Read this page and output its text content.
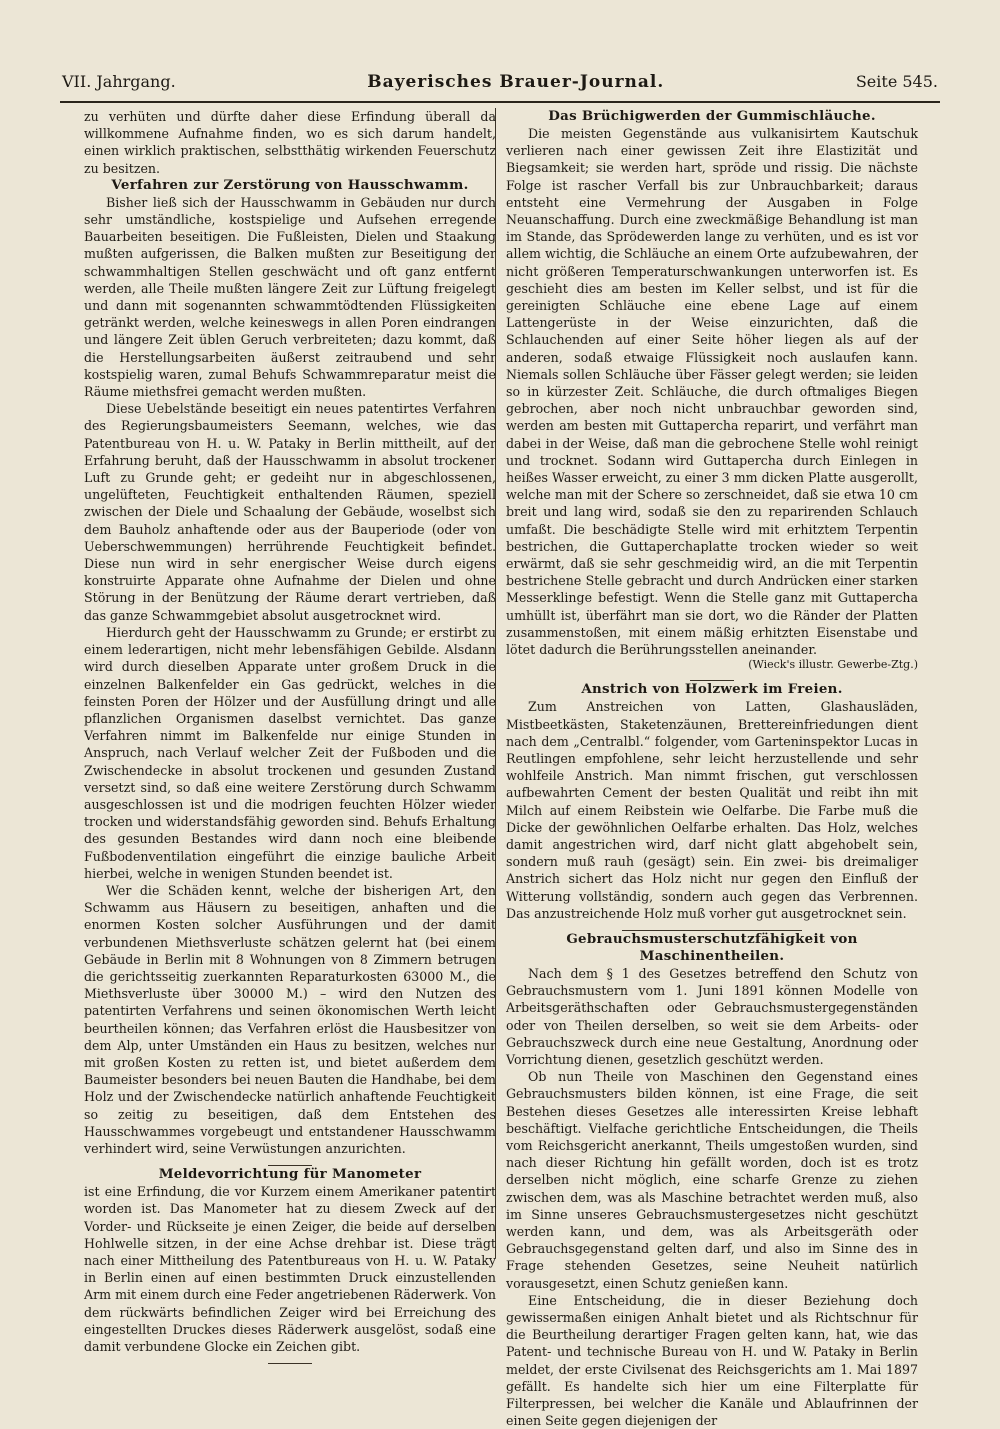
VII. Jahrgang.	Bayerisches Brauer-Journal.	Seite 545.

zu verhüten und dürfte daher diese Erfindung überall da willkommene Aufnahme finden, wo es sich darum handelt, einen wirklich praktischen, selbstthätig wirkenden Feuerschutz zu besitzen.

Verfahren zur Zerstörung von Hausschwamm.

Bisher ließ sich der Hausschwamm in Gebäuden nur durch sehr umständliche, kostspielige und Aufsehen erregende Bauarbeiten beseitigen. Die Fußleisten, Dielen und Staakung mußten aufgerissen, die Balken mußten zur Beseitigung der schwammhaltigen Stellen geschwächt und oft ganz entfernt werden, alle Theile mußten längere Zeit zur Lüftung freigelegt und dann mit sogenannten schwammtödtenden Flüssigkeiten getränkt werden, welche keineswegs in allen Poren eindrangen und längere Zeit üblen Geruch verbreiteten; dazu kommt, daß die Herstellungsarbeiten äußerst zeitraubend und sehr kostspielig waren, zumal Behufs Schwammreparatur meist die Räume miethsfrei gemacht werden mußten.

Diese Uebelstände beseitigt ein neues patentirtes Verfahren des Regierungsbaumeisters Seemann, welches, wie das Patentbureau von H. u. W. Pataky in Berlin mittheilt, auf der Erfahrung beruht, daß der Hausschwamm in absolut trockener Luft zu Grunde geht; er gedeiht nur in abgeschlossenen, ungelüfteten, Feuchtigkeit enthaltenden Räumen, speziell zwischen der Diele und Schaalung der Gebäude, woselbst sich dem Bauholz anhaftende oder aus der Bauperiode (oder von Ueberschwemmungen) herrührende Feuchtigkeit befindet. Diese nun wird in sehr energischer Weise durch eigens konstruirte Apparate ohne Aufnahme der Dielen und ohne Störung in der Benützung der Räume derart vertrieben, daß das ganze Schwammgebiet absolut ausgetrocknet wird.

Hierdurch geht der Hausschwamm zu Grunde; er erstirbt zu einem lederartigen, nicht mehr lebensfähigen Gebilde. Alsdann wird durch dieselben Apparate unter großem Druck in die einzelnen Balkenfelder ein Gas gedrückt, welches in die feinsten Poren der Hölzer und der Ausfüllung dringt und alle pflanzlichen Organismen daselbst vernichtet. Das ganze Verfahren nimmt im Balkenfelde nur einige Stunden in Anspruch, nach Verlauf welcher Zeit der Fußboden und die Zwischendecke in absolut trockenen und gesunden Zustand versetzt sind, so daß eine weitere Zerstörung durch Schwamm ausgeschlossen ist und die modrigen feuchten Hölzer wieder trocken und widerstandsfähig geworden sind. Behufs Erhaltung des gesunden Bestandes wird dann noch eine bleibende Fußbodenventilation eingeführt die einzige bauliche Arbeit hierbei, welche in wenigen Stunden beendet ist.

Wer die Schäden kennt, welche der bisherigen Art, den Schwamm aus Häusern zu beseitigen, anhaften und die enormen Kosten solcher Ausführungen und der damit verbundenen Miethsverluste schätzen gelernt hat (bei einem Gebäude in Berlin mit 8 Wohnungen von 8 Zimmern betrugen die gerichtsseitig zuerkannten Reparaturkosten 63000 M., die Miethsverluste über 30000 M.) – wird den Nutzen des patentirten Verfahrens und seinen ökonomischen Werth leicht beurtheilen können; das Verfahren erlöst die Hausbesitzer von dem Alp, unter Umständen ein Haus zu besitzen, welches nur mit großen Kosten zu retten ist, und bietet außerdem dem Baumeister besonders bei neuen Bauten die Handhabe, bei dem Holz und der Zwischendecke natürlich anhaftende Feuchtigkeit so zeitig zu beseitigen, daß dem Entstehen des Hausschwammes vorgebeugt und entstandener Hausschwamm verhindert wird, seine Verwüstungen anzurichten.

Meldevorrichtung für Manometer

ist eine Erfindung, die vor Kurzem einem Amerikaner patentirt worden ist. Das Manometer hat zu diesem Zweck auf der Vorder- und Rückseite je einen Zeiger, die beide auf derselben Hohlwelle sitzen, in der eine Achse drehbar ist. Diese trägt nach einer Mittheilung des Patentbureaus von H. u. W. Pataky in Berlin einen auf einen bestimmten Druck einzustellenden Arm mit einem durch eine Feder angetriebenen Räderwerk. Von dem rückwärts befindlichen Zeiger wird bei Erreichung des eingestellten Druckes dieses Räderwerk ausgelöst, sodaß eine damit verbundene Glocke ein Zeichen gibt.

Das Brüchigwerden der Gummischläuche.

Die meisten Gegenstände aus vulkanisirtem Kautschuk verlieren nach einer gewissen Zeit ihre Elastizität und Biegsamkeit; sie werden hart, spröde und rissig. Die nächste Folge ist rascher Verfall bis zur Unbrauchbarkeit; daraus entsteht eine Vermehrung der Ausgaben in Folge Neuanschaffung. Durch eine zweckmäßige Behandlung ist man im Stande, das Sprödewerden lange zu verhüten, und es ist vor allem wichtig, die Schläuche an einem Orte aufzubewahren, der nicht größeren Temperaturschwankungen unterworfen ist. Es geschieht dies am besten im Keller selbst, und ist für die gereinigten Schläuche eine ebene Lage auf einem Lattengerüste in der Weise einzurichten, daß die Schlauchenden auf einer Seite höher liegen als auf der anderen, sodaß etwaige Flüssigkeit noch auslaufen kann. Niemals sollen Schläuche über Fässer gelegt werden; sie leiden so in kürzester Zeit. Schläuche, die durch oftmaliges Biegen gebrochen, aber noch nicht unbrauchbar geworden sind, werden am besten mit Guttapercha reparirt, und verfährt man dabei in der Weise, daß man die gebrochene Stelle wohl reinigt und trocknet. Sodann wird Guttapercha durch Einlegen in heißes Wasser erweicht, zu einer 3 mm dicken Platte ausgerollt, welche man mit der Schere so zerschneidet, daß sie etwa 10 cm breit und lang wird, sodaß sie den zu reparirenden Schlauch umfaßt. Die beschädigte Stelle wird mit erhitztem Terpentin bestrichen, die Guttaperchaplatte trocken wieder so weit erwärmt, daß sie sehr geschmeidig wird, an die mit Terpentin bestrichene Stelle gebracht und durch Andrücken einer starken Messerklinge befestigt. Wenn die Stelle ganz mit Guttapercha umhüllt ist, überfährt man sie dort, wo die Ränder der Platten zusammenstoßen, mit einem mäßig erhitzten Eisenstabe und lötet dadurch die Berührungsstellen aneinander.

(Wieck's illustr. Gewerbe-Ztg.)
Anstrich von Holzwerk im Freien.

Zum Anstreichen von Latten, Glashausläden, Mistbeetkästen, Staketenzäunen, Brettereinfriedungen dient nach dem „Centralbl.“ folgender, vom Garteninspektor Lucas in Reutlingen empfohlene, sehr leicht herzustellende und sehr wohlfeile Anstrich. Man nimmt frischen, gut verschlossen aufbewahrten Cement der besten Qualität und reibt ihn mit Milch auf einem Reibstein wie Oelfarbe. Die Farbe muß die Dicke der gewöhnlichen Oelfarbe erhalten. Das Holz, welches damit angestrichen wird, darf nicht glatt abgehobelt sein, sondern muß rauh (gesägt) sein. Ein zwei- bis dreimaliger Anstrich sichert das Holz nicht nur gegen den Einfluß der Witterung vollständig, sondern auch gegen das Verbrennen. Das anzustreichende Holz muß vorher gut ausgetrocknet sein.

Gebrauchsmusterschutzfähigkeit von Maschinentheilen.

Nach dem § 1 des Gesetzes betreffend den Schutz von Gebrauchsmustern vom 1. Juni 1891 können Modelle von Arbeitsgeräthschaften oder Gebrauchsmustergegenständen oder von Theilen derselben, so weit sie dem Arbeits- oder Gebrauchszweck durch eine neue Gestaltung, Anordnung oder Vorrichtung dienen, gesetzlich geschützt werden.

Ob nun Theile von Maschinen den Gegenstand eines Gebrauchsmusters bilden können, ist eine Frage, die seit Bestehen dieses Gesetzes alle interessirten Kreise lebhaft beschäftigt. Vielfache gerichtliche Entscheidungen, die Theils vom Reichsgericht anerkannt, Theils umgestoßen wurden, sind nach dieser Richtung hin gefällt worden, doch ist es trotz derselben nicht möglich, eine scharfe Grenze zu ziehen zwischen dem, was als Maschine betrachtet werden muß, also im Sinne unseres Gebrauchsmustergesetzes nicht geschützt werden kann, und dem, was als Arbeitsgeräth oder Gebrauchsgegenstand gelten darf, und also im Sinne des in Frage stehenden Gesetzes, seine Neuheit natürlich vorausgesetzt, einen Schutz genießen kann.

Eine Entscheidung, die in dieser Beziehung doch gewissermaßen einigen Anhalt bietet und als Richtschnur für die Beurtheilung derartiger Fragen gelten kann, hat, wie das Patent- und technische Bureau von H. und W. Pataky in Berlin meldet, der erste Civilsenat des Reichsgerichts am 1. Mai 1897 gefällt. Es handelte sich hier um eine Filterplatte für Filterpressen, bei welcher die Kanäle und Ablaufrinnen der einen Seite gegen diejenigen der
